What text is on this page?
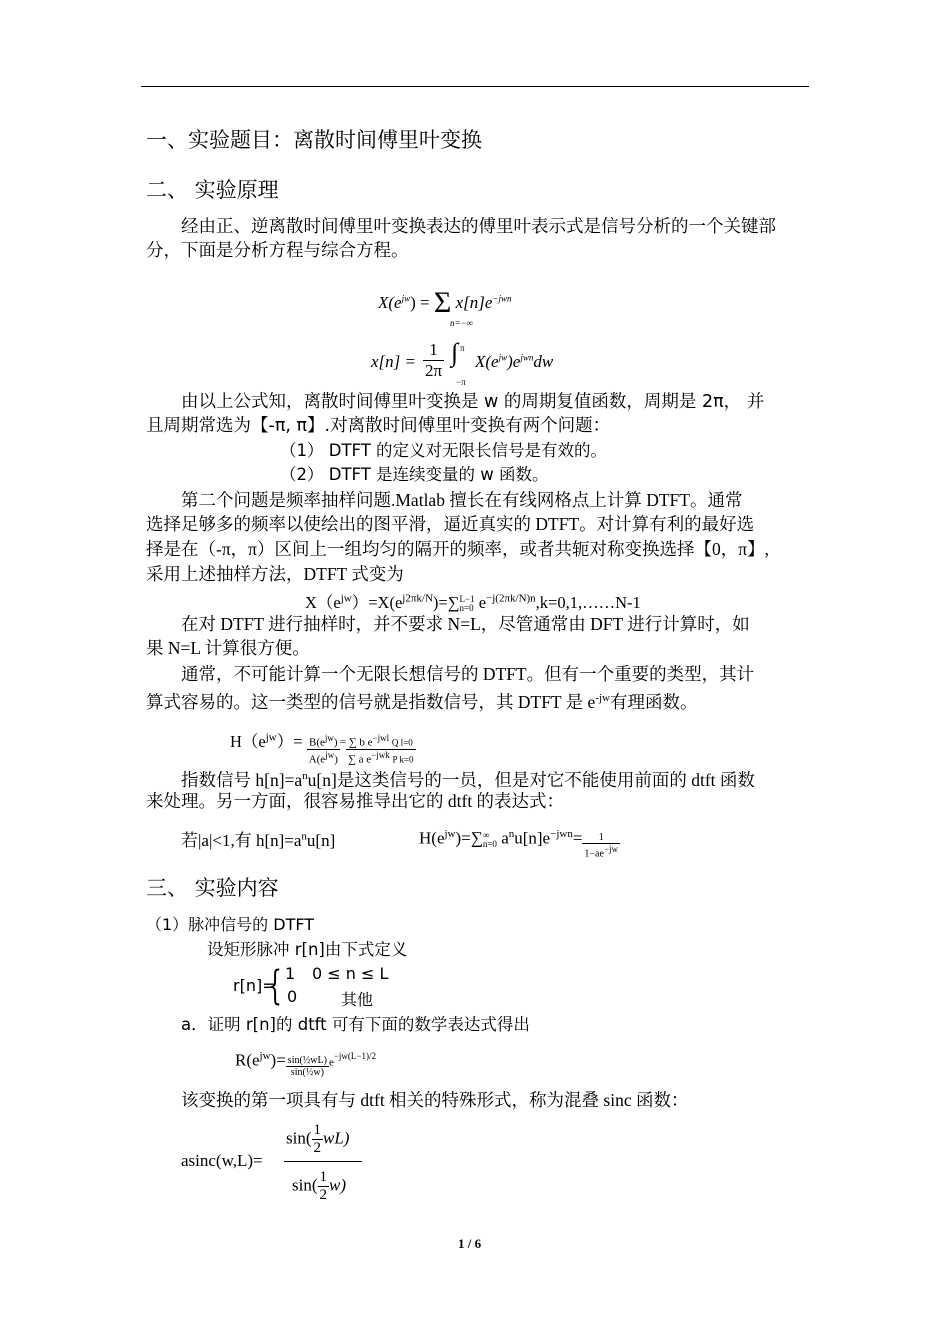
一、实验题目：离散时间傅里叶变换
二、 实验原理
经由正、逆离散时间傅里叶变换表达的傅里叶表示式是信号分析的一个关键部分，下面是分析方程与综合方程。
$X(e^{jw}) = \Sigma$ $x[n]e^{-jwn}$
n=−∞
$x[n] = \frac{1}{2\pi}$ ∫ π
−π
$X(e^{jw})e^{jwn}dw$
由以上公式知，离散时间傅里叶变换是 w 的周期复值函数，周期是 2π， 并
且周期常选为【-π, π】.对离散时间傅里叶变换有两个问题：
（1） DTFT 的定义对无限长信号是有效的。
（2） DTFT 是连续变量的 w 函数。
第二个问题是频率抽样问题.Matlab 擅长在有线网格点上计算 DTFT。通常
选择足够多的频率以使绘出的图平滑，逼近真实的 DTFT。对计算有利的最好选
择是在（-π，π）区间上一组均匀的隔开的频率，或者共轭对称变换选择【0，π】,
采用上述抽样方法，DTFT 式变为
$X(e^{jw})=X(e^{j2\pi k/N})=\sum$ L−1
n=0 $e^{-j(2\pi k/N)n},k=0,1,\dots\dots N-1$
在对 DTFT 进行抽样时，并不要求 N=L，尽管通常由 DFT 进行计算时，如
果 N=L 计算很方便。
通常，不可能计算一个无限长想信号的 DTFT。但有一个重要的类型，其计
算式容易的。这一类型的信号就是指数信号，其 DTFT 是 $e^{-jw}$有理函数。
$H(e^{jw})= \frac{B(e^{jw})}{A(e^{jw})} = \frac{\sum b e^{-jwl} Q l=0}{\sum a e^{-jwk} P k=0}$
指数信号 $h[n]=a^nu[n]$是这类信号的一员，但是对它不能使用前面的 dtft 函数
来处理。另一方面，很容易推导出它的 dtft 的表达式：
若|a|<1,有 $h[n]=a^nu[n]$	$H(e^{jw})=\sum$ ∞
n=0 $a^nu[n]e^{-jwn}= \frac{1}{1-ae^{-jw}}$
三、 实验内容
（1）脉冲信号的 DTFT
设矩形脉冲 r[n]由下式定义
r[n]=
{ 1 0 ≤ n ≤ L
0	其他
a．证明 r[n]的 dtft 可有下面的数学表达式得出
$R(e^{jw})= \frac{\text{sin(½wL)}}{\text{sin(½w)}} e^{-jw(L-1)/2}$
该变换的第一项具有与 dtft 相关的特殊形式，称为混叠 sinc 函数：
asinc(w,L)=
$\sin( \frac{1}{2} wL)$
$\sin( \frac{1}{2} w)$
1 / 6
